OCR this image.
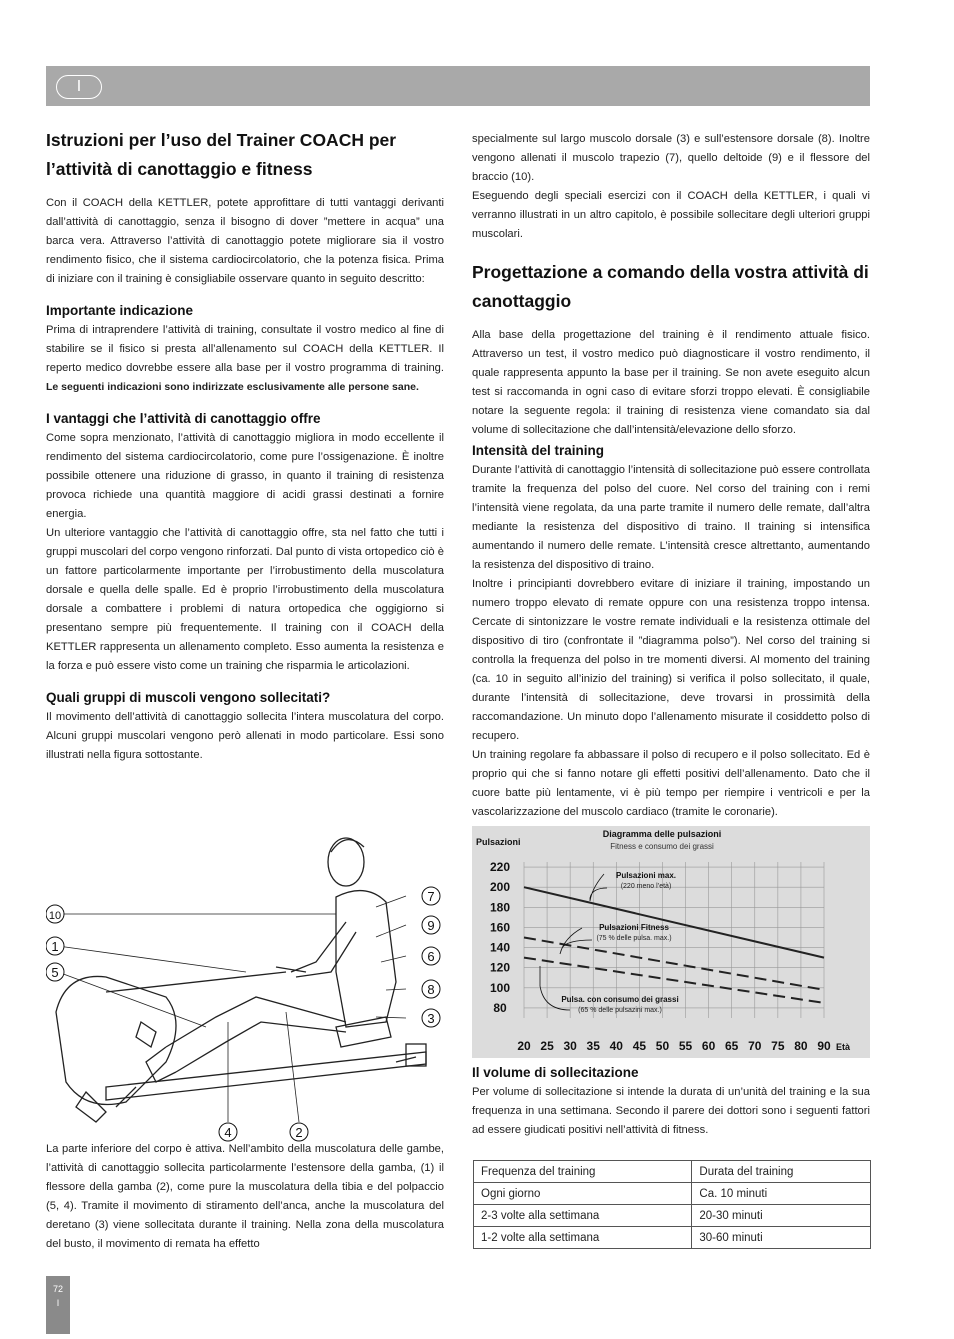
I
Istruzioni per l’uso del Trainer COACH per l’attività di canottaggio e fitness

Con il COACH della KETTLER, potete approfittare di tutti vantaggi derivanti dall’attività di canottaggio, senza il bisogno di dover ”mettere in acqua” una barca vera. Attraverso l’attività di canottaggio potete migliorare sia il vostro rendimento fisico, che il sistema cardiocircolatorio, che la potenza fisica. Prima di iniziare con il training è consigliabile osservare quanto in seguito descritto:

Importante indicazione

Prima di intraprendere l’attività di training, consultate il vostro medico al fine di stabilire se il fisico si presta all’allenamento sul COACH della KETTLER. Il reperto medico dovrebbe essere alla base per il vostro programma di training. Le seguenti indicazioni sono indirizzate esclusivamente alle persone sane.

I vantaggi che l’attività di canottaggio offre

Come sopra menzionato, l’attività di canottaggio migliora in modo eccellente il rendimento del sistema cardiocircolatorio, come pure l’ossigenazione. È inoltre possibile ottenere una riduzione di grasso, in quanto il training di resistenza provoca richiede una quantità maggiore di acidi grassi destinati a fornire energia.

Un ulteriore vantaggio che l’attività di canottaggio offre, sta nel fatto che tutti i gruppi muscolari del corpo vengono rinforzati. Dal punto di vista ortopedico ciò è un fattore particolarmente importante per l’irrobustimento della muscolatura dorsale e quella delle spalle. Ed è proprio l’irrobustimento della muscolatura dorsale a combattere i problemi di natura ortopedica che oggigiorno si presentano sempre più frequentemente. Il training con il COACH della KETTLER rappresenta un allenamento completo. Esso aumenta la resistenza e la forza e può essere visto come un training che risparmia le articolazioni.

Quali gruppi di muscoli vengono sollecitati?

Il movimento dell’attività di canottaggio sollecita l’intera muscolatura del corpo. Alcuni gruppi muscolari vengono però allenati in modo particolare. Essi sono illustrati nella figura sottostante.

7
9
6
8
3
10
1
5
4	2

La parte inferiore del corpo è attiva. Nell’ambito della muscolatura delle gambe, l’attività di canottaggio sollecita particolarmente l’estensore della gamba, (1) il flessore della gamba (2), come pure la muscolatura della tibia e del polpaccio (5, 4). Tramite il movimento di stiramento dell’anca, anche la muscolatura del deretano (3) viene sollecitata durante il training. Nella zona della muscolatura del busto, il movimento di remata ha effetto

specialmente sul largo muscolo dorsale (3) e sull’estensore dorsale (8). Inoltre vengono allenati il muscolo trapezio (7), quello deltoide (9) e il flessore del braccio (10).

Eseguendo degli speciali esercizi con il COACH della KETTLER, i quali vi verranno illustrati in un altro capitolo, è possibile sollecitare degli ulteriori gruppi muscolari.

Progettazione a comando della vostra attività di canottaggio

Alla base della progettazione del training è il rendimento attuale fisico. Attraverso un test, il vostro medico può diagnosticare il vostro rendimento, il quale rappresenta appunto la base per il training. Se non avete eseguito alcun test si raccomanda in ogni caso di evitare sforzi troppo elevati. È consigliabile notare la seguente regola: il training di resistenza viene comandato sia dal volume di sollecitazione che dall’intensità/elevazione dello sforzo.

Intensità del training

Durante l’attività di canottaggio l’intensità di sollecitazione può essere controllata tramite la frequenza del polso del cuore. Nel corso del training con i remi l’intensità viene regolata, da una parte tramite il numero delle remate, dall’altra mediante la resistenza del dispositivo di traino. Il training si intensifica aumentando il numero delle remate. L’intensità cresce altrettanto, aumentando la resistenza del dispositivo di traino.

Inoltre i principianti dovrebbero evitare di iniziare il training, impostando un numero troppo elevato di remate oppure con una resistenza troppo intensa. Cercate di sintonizzare le vostre remate individuali e la resistenza ottimale del dispositivo di tiro (confrontate il ”diagramma polso”). Nel corso del training si controlla la frequenza del polso in tre momenti diversi. Al momento del training (ca. 10 in seguito all’inizio del training) si verifica il polso sollecitato, il quale, durante l’intensità di sollecitazione, deve trovarsi in prossimità della raccomandazione. Un minuto dopo l’allenamento misurate il cosiddetto polso di recupero.

Un training regolare fa abbassare il polso di recupero e il polso sollecitato. Ed è proprio qui che si fanno notare gli effetti positivi dell’allenamento. Dato che il cuore batte più lentamente, vi è più tempo per riempire i ventricoli e per la vascolarizzazione del muscolo cardiaco (tramite le coronarie).

20 25 30 35 40 45 50 55 60 65 70 75 80 90
220
200
180
160
140
120
100
80
Diagramma delle pulsazioni
Fitness e consumo dei grassi
Pulsazioni
Età
Pulsazioni max.
(220 meno l’età)
Pulsazioni Fitness
(75 % delle pulsa. max.)
Pulsa. con consumo dei grassi
(65 % delle pulsazini max.)
Il volume di sollecitazione

Per volume di sollecitazione si intende la durata di un’unità del training e la sua frequenza in una settimana. Secondo il parere dei dottori sono i seguenti fattori ad essere giudicati positivi nell’attività di fitness.

Frequenza del training	Durata del training
Ogni giorno	Ca. 10 minuti
2-3 volte alla settimana	20-30 minuti
1-2 volte alla settimana	30-60 minuti
72
I
